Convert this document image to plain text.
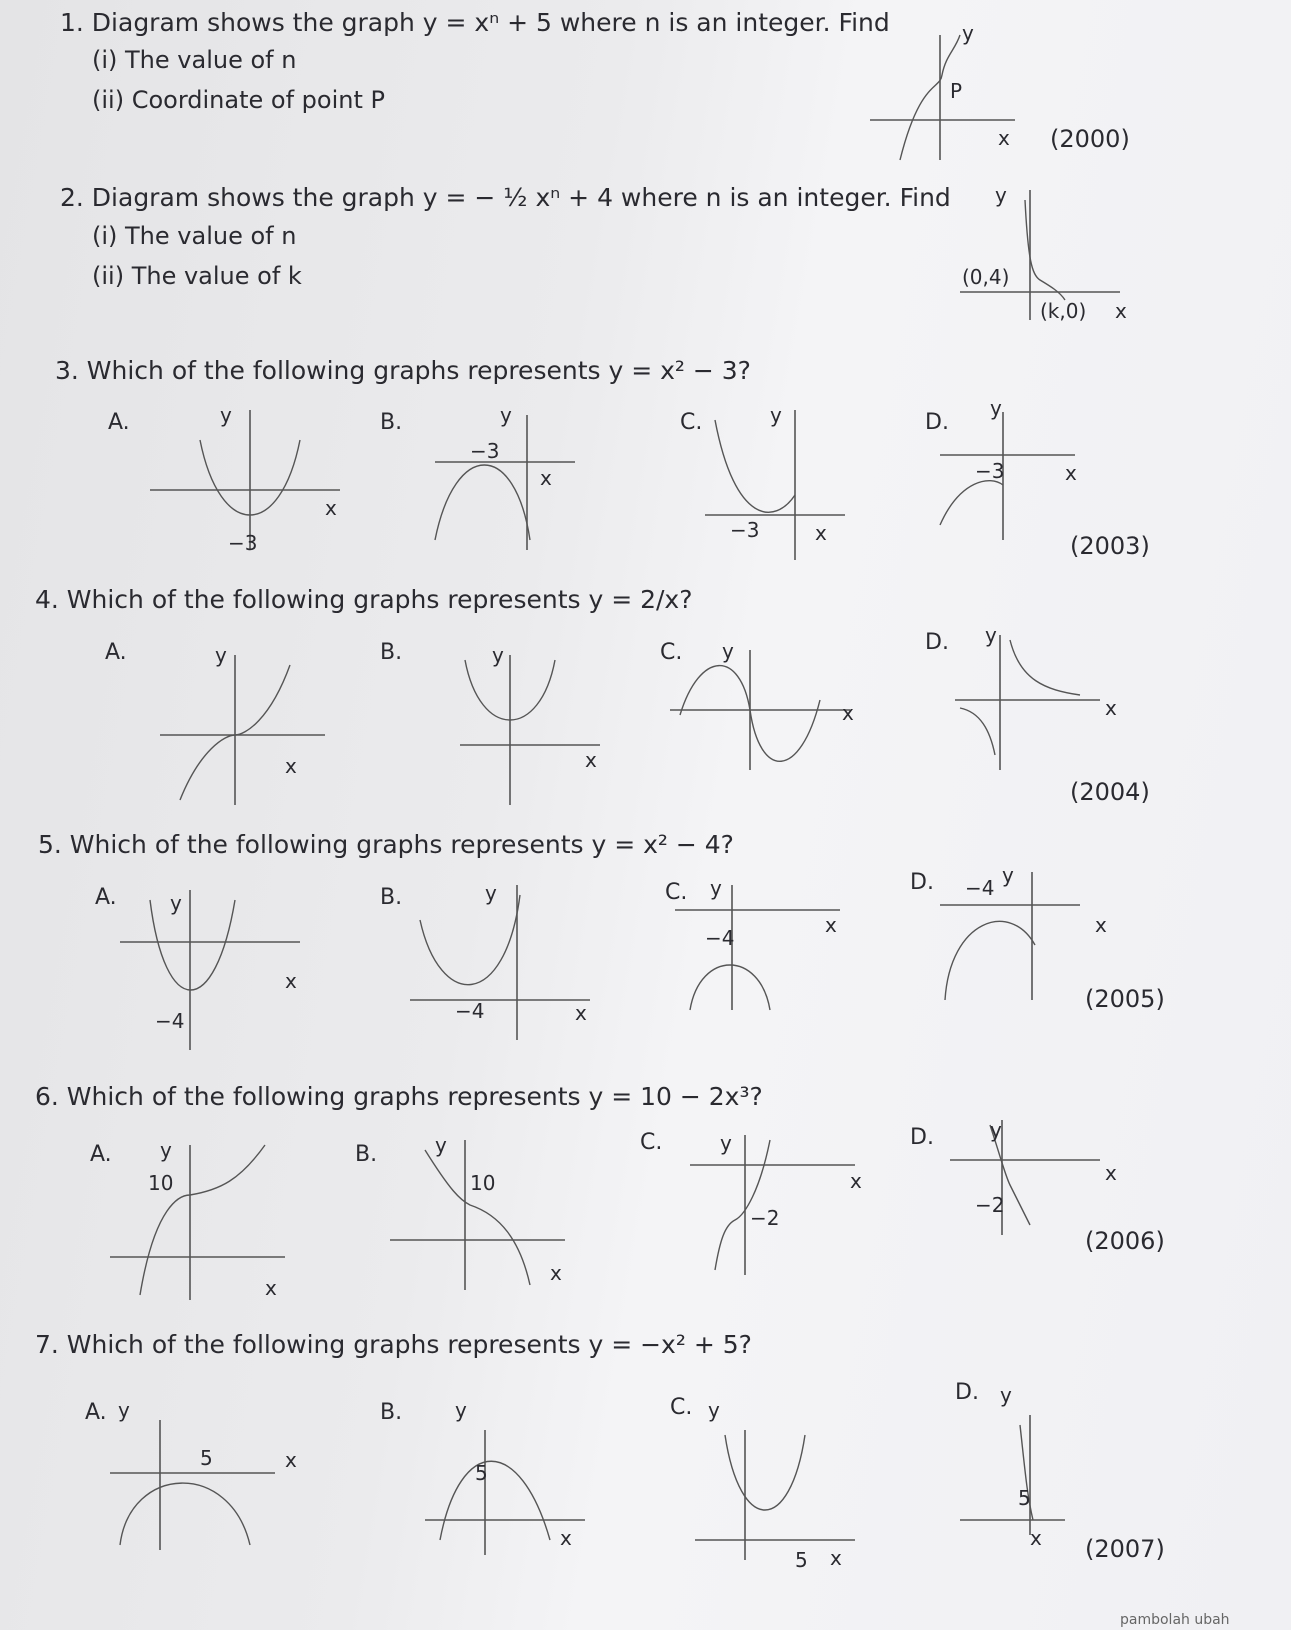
1. Diagram shows the graph y = xⁿ + 5 where n is an integer. Find
(i) The value of n
(ii) Coordinate of point P
(2000)
y
P
x
2. Diagram shows the graph y = − ½ xⁿ + 4 where n is an integer. Find
(i) The value of n
(ii) The value of k
y
(0,4)
(k,0) x
3. Which of the following graphs represents y = x² − 3?
(2003)
A.	y
x
−3
B.	y
x
−3
C.	y
x
−3
D.
y
x
−3
4. Which of the following graphs represents y = 2/x?
(2004)
A.	y
x
B.	y
x
C. y
x
D. y
x
5. Which of the following graphs represents y = x² − 4?
(2005)
A.	y
x
−4
B.	y
x
−4
C. y
x
−4
D.	y
x
−4
6. Which of the following graphs represents y = 10 − 2x³?
(2006)
A. y
x
10
B.	y
x
10
C.	y
x
−2
D.	y
x
−2
7. Which of the following graphs represents y = −x² + 5?
(2007)
A. y
x
5
B.	y
x
5
C. y
x
5
D. y
x
5
pambolah ubah
